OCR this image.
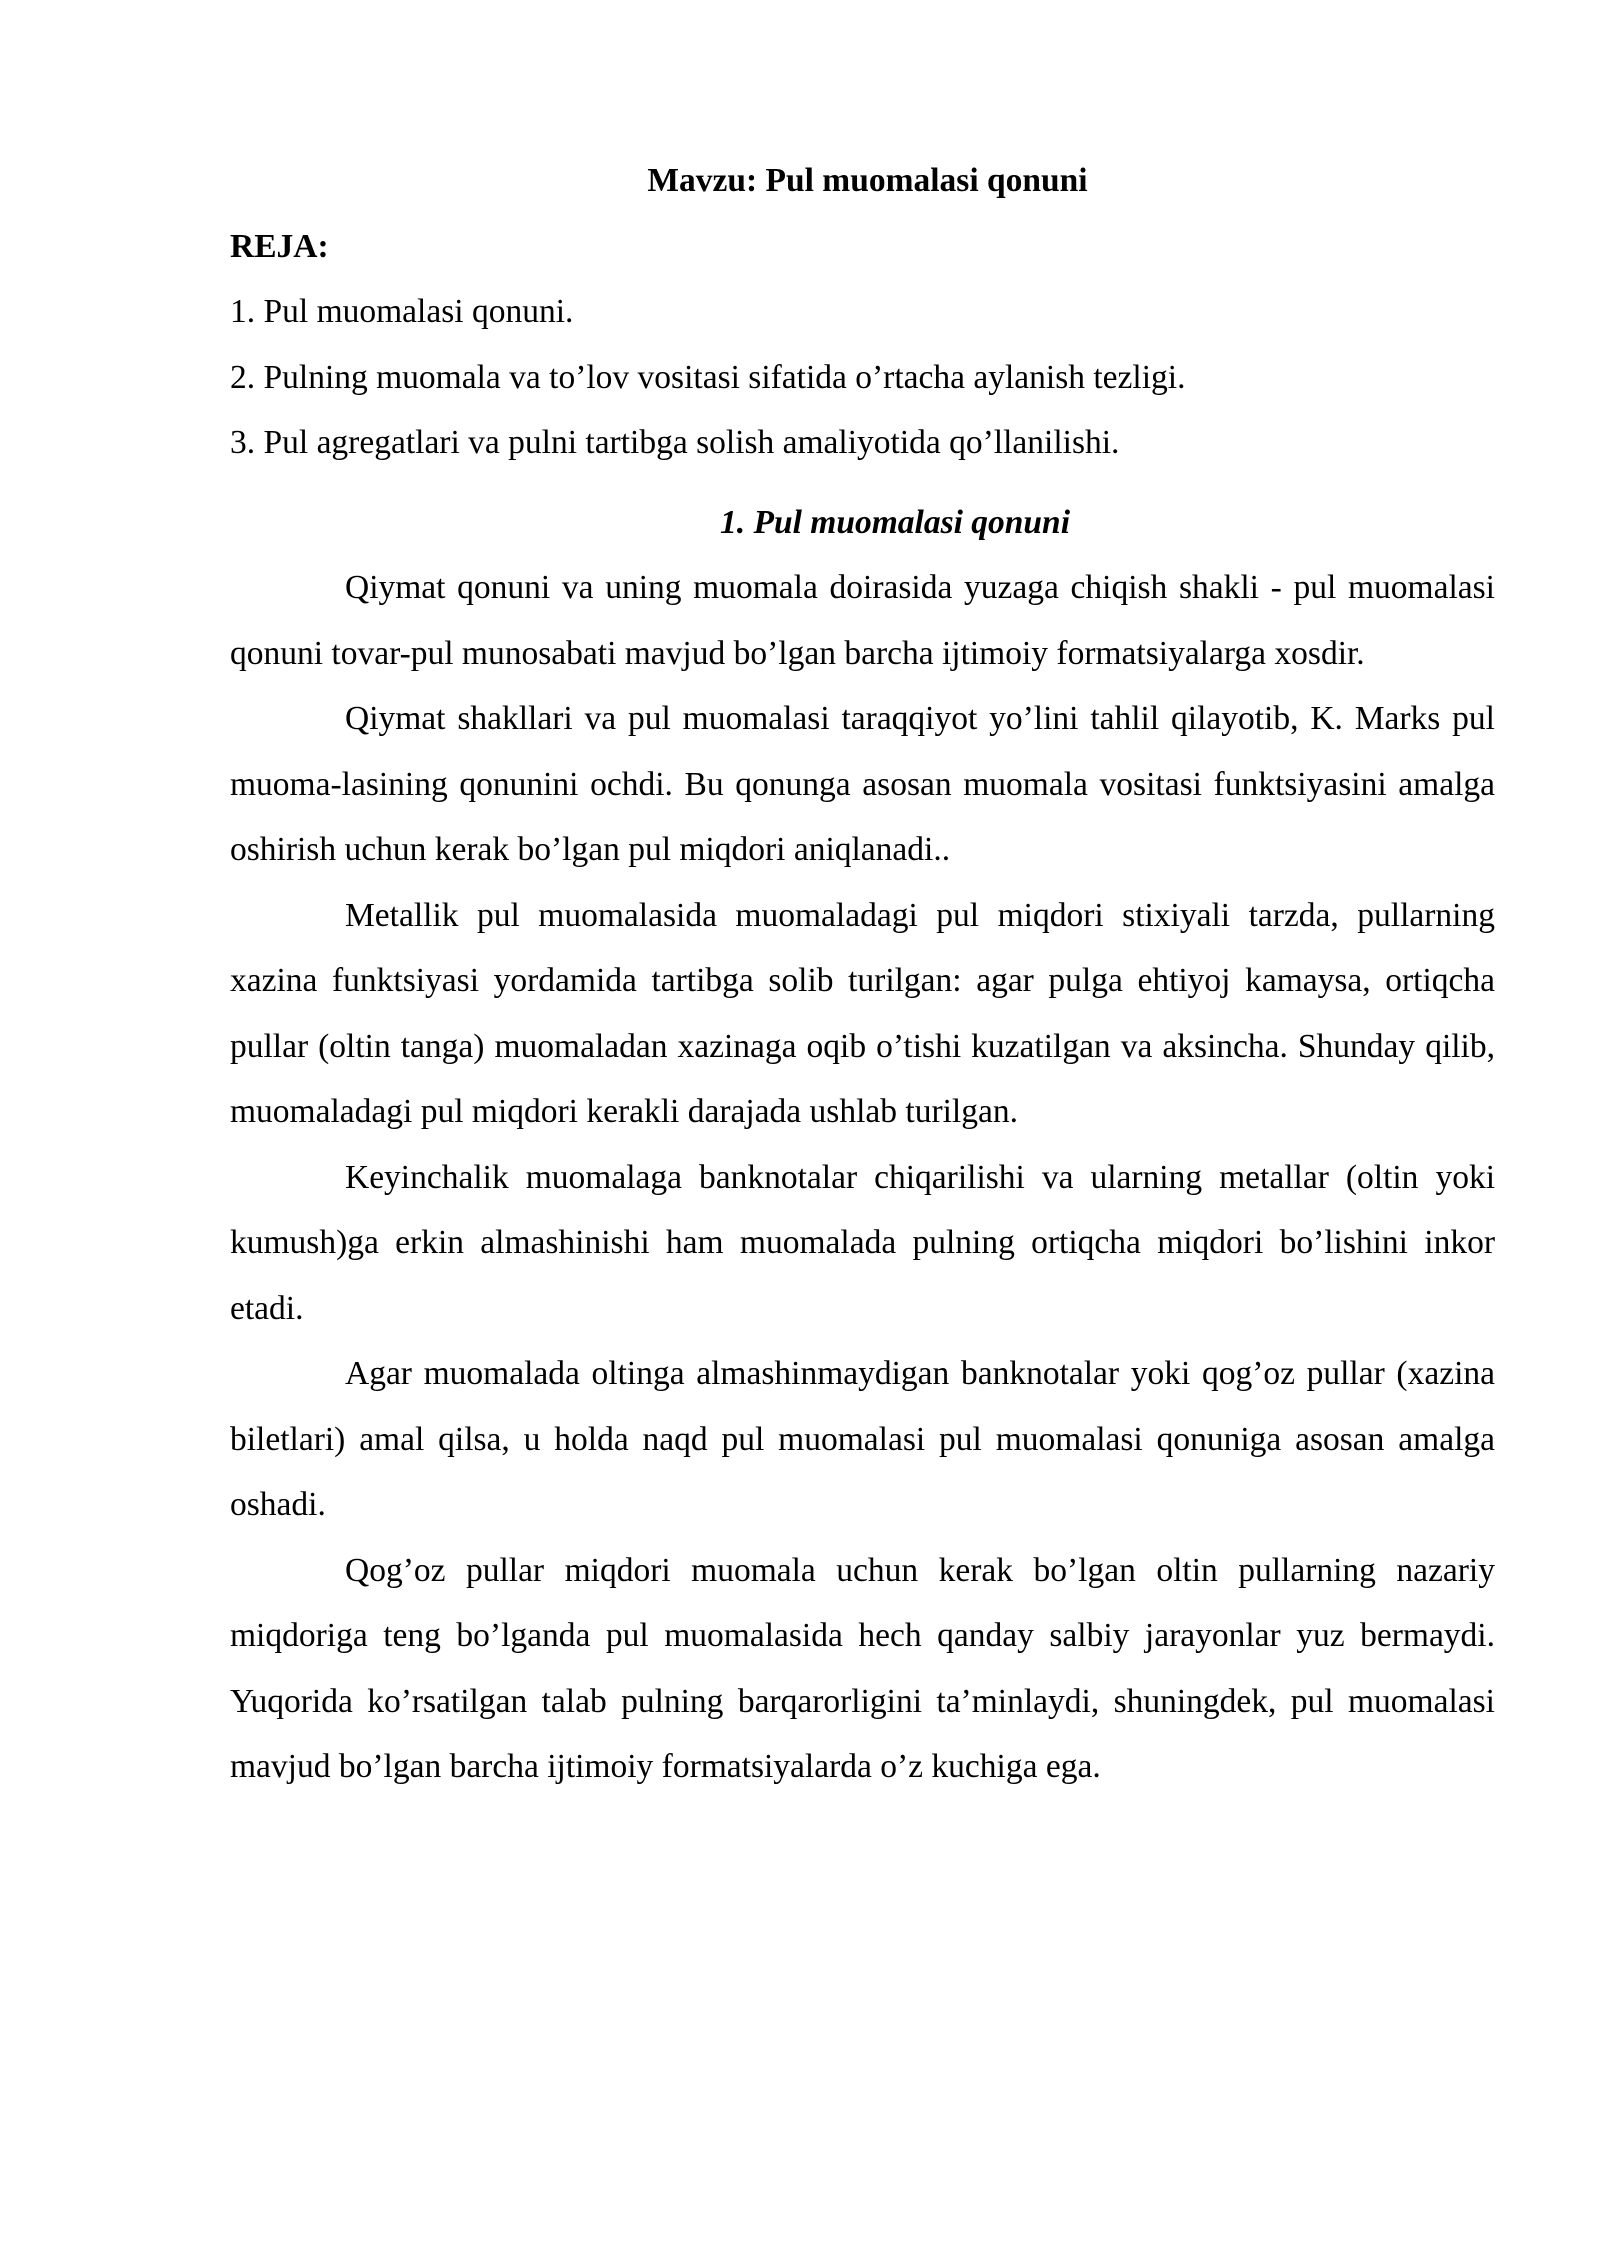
Mavzu: Pul muomalasi qonuni

REJA:

1. Pul muomalasi qonuni.

2. Pulning muomala va to’lov vositasi sifatida o’rtacha aylanish tezligi.

3. Pul agregatlari va pulni tartibga solish amaliyotida qo’llanilishi.

1. Pul muomalasi qonuni

Qiymat qonuni va uning muomala doirasida yuzaga chiqish shakli - pul muomalasi qonuni tovar-pul munosabati mavjud bo’lgan barcha ijtimoiy formatsiyalarga xosdir.

Qiymat shakllari va pul muomalasi taraqqiyot yo’lini tahlil qilayotib, K. Marks pul muoma-lasining qonunini ochdi. Bu qonunga asosan muomala vositasi funktsiyasini amalga oshirish uchun kerak bo’lgan pul miqdori aniqlanadi..

Metallik pul muomalasida muomaladagi pul miqdori stixiyali tarzda, pullarning xazina funktsiyasi yordamida tartibga solib turilgan: agar pulga ehtiyoj kamaysa, ortiqcha pullar (oltin tanga) muomaladan xazinaga oqib o’tishi kuzatilgan va aksincha. Shunday qilib, muomaladagi pul miqdori kerakli darajada ushlab turilgan.

Keyinchalik muomalaga banknotalar chiqarilishi va ularning metallar (oltin yoki kumush)ga erkin almashinishi ham muomalada pulning ortiqcha miqdori bo’lishini inkor etadi.

Agar muomalada oltinga almashinmaydigan banknotalar yoki qog’oz pullar (xazina biletlari) amal qilsa, u holda naqd pul muomalasi pul muomalasi qonuniga asosan amalga oshadi.

Qog’oz pullar miqdori muomala uchun kerak bo’lgan oltin pullarning nazariy miqdoriga teng bo’lganda pul muomalasida hech qanday salbiy jarayonlar yuz bermaydi. Yuqorida ko’rsatilgan talab pulning barqarorligini ta’minlaydi, shuningdek, pul muomalasi mavjud bo’lgan barcha ijtimoiy formatsiyalarda o’z kuchiga ega.
